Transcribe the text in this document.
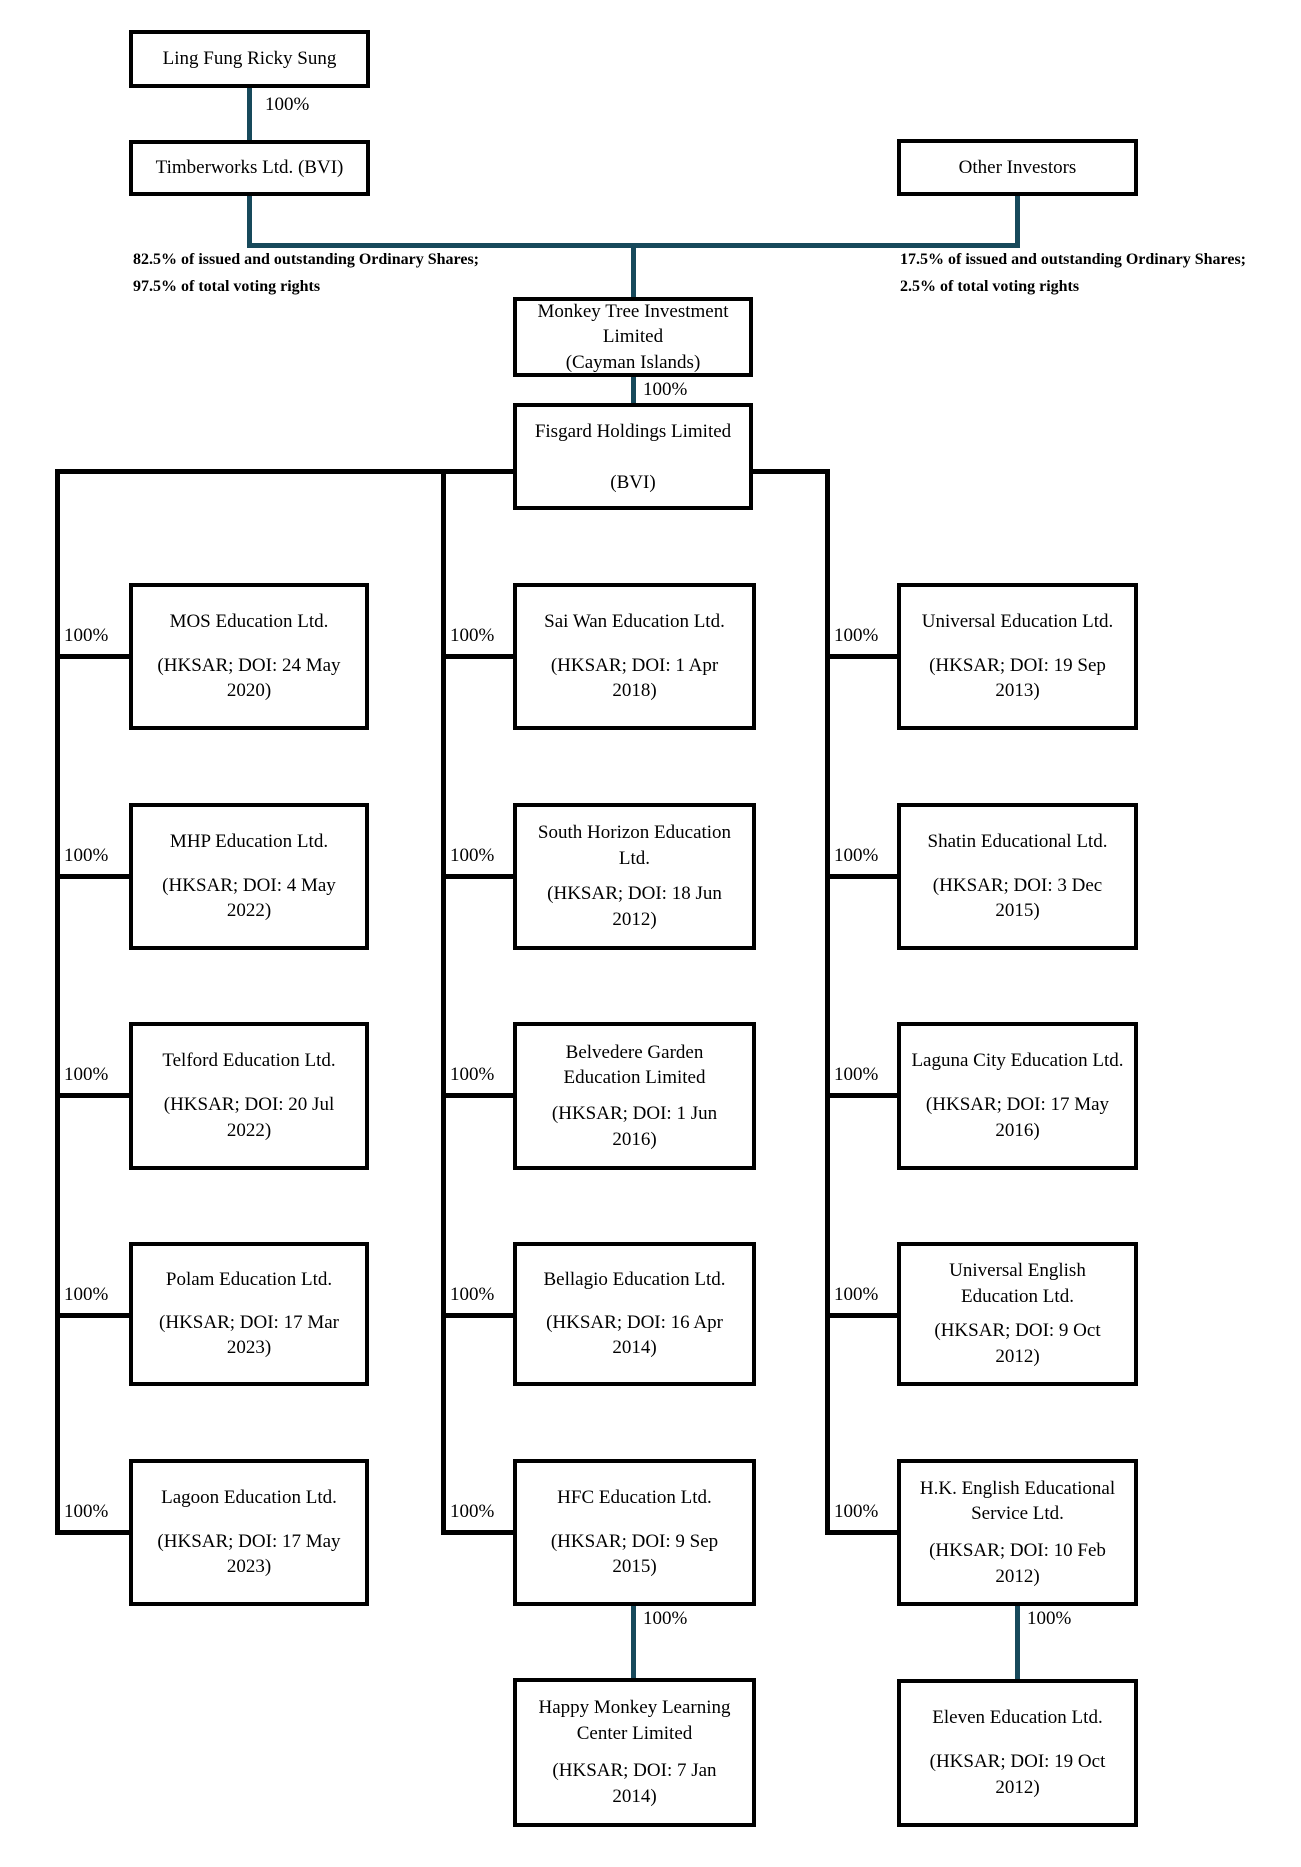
Ling Fung Ricky Sung

100%

Timberworks Ltd. (BVI)	Other Investors

82.5% of issued and outstanding Ordinary Shares;
97.5% of total voting rights
17.5% of issued and outstanding Ordinary Shares;
2.5% of total voting rights

Monkey Tree Investment Limited

(Cayman Islands)

100%

Fisgard Holdings Limited

(BVI)

100%
100%
100%
100%
100%
100%
100%
100%
100%
100%
100%
100%
100%
100%
100%

MOS Education Ltd.

(HKSAR; DOI: 24 May 2020)

MHP Education Ltd.

(HKSAR; DOI: 4 May 2022)

Telford Education Ltd.

(HKSAR; DOI: 20 Jul 2022)

Polam Education Ltd.

(HKSAR; DOI: 17 Mar 2023)

Lagoon Education Ltd.

(HKSAR; DOI: 17 May 2023)

Sai Wan Education Ltd.

(HKSAR; DOI: 1 Apr 2018)

South Horizon Education Ltd.

(HKSAR; DOI: 18 Jun 2012)

Belvedere Garden Education Limited

(HKSAR; DOI: 1 Jun 2016)

Bellagio Education Ltd.

(HKSAR; DOI: 16 Apr 2014)

HFC Education Ltd.

(HKSAR; DOI: 9 Sep 2015)

Universal Education Ltd.

(HKSAR; DOI: 19 Sep 2013)

Shatin Educational Ltd.

(HKSAR; DOI: 3 Dec 2015)

Laguna City Education Ltd.

(HKSAR; DOI: 17 May 2016)

Universal English Education Ltd.

(HKSAR; DOI: 9 Oct 2012)

H.K. English Educational Service Ltd.

(HKSAR; DOI: 10 Feb 2012)

100%

Happy Monkey Learning Center Limited

(HKSAR; DOI: 7 Jan 2014)

100%

Eleven Education Ltd.

(HKSAR; DOI: 19 Oct 2012)
